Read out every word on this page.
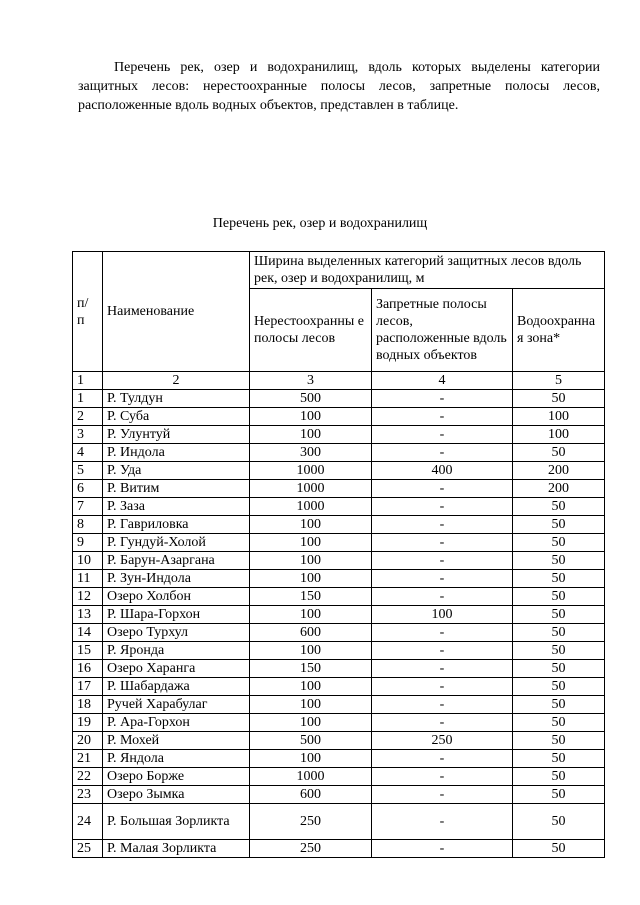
Перечень рек, озер и водохранилищ, вдоль которых выделены категории защитных лесов: нерестоохранные полосы лесов, запретные полосы лесов, расположенные вдоль водных объектов, представлен в таблице.

Перечень рек, озер и водохранилищ

п/ п	Наименование	Ширина выделенных категорий защитных лесов вдоль рек, озер и водохранилищ, м		
		Нерестоохранны е полосы лесов	Запретные полосы лесов, расположенные вдоль водных объектов	Водоохранна я зона*
1	2	3	4	5
1	Р. Тулдун	500	-	50
2	Р. Суба	100	-	100
3	Р. Улунтуй	100	-	100
4	Р. Индола	300	-	50
5	Р. Уда	1000	400	200
6	Р. Витим	1000	-	200
7	Р. Заза	1000	-	50
8	Р. Гавриловка	100	-	50
9	Р. Гундуй-Холой	100	-	50
10	Р. Барун-Азаргана	100	-	50
11	Р. Зун-Индола	100	-	50
12	Озеро Холбон	150	-	50
13	Р. Шара-Горхон	100	100	50
14	Озеро Турхул	600	-	50
15	Р. Яронда	100	-	50
16	Озеро Харанга	150	-	50
17	Р. Шабардажа	100	-	50
18	Ручей Харабулаг	100	-	50
19	Р. Ара-Горхон	100	-	50
20	Р. Мохей	500	250	50
21	Р. Яндола	100	-	50
22	Озеро Борже	1000	-	50
23	Озеро Зымка	600	-	50
24	Р. Большая Зорликта	250	-	50
25	Р. Малая Зорликта	250	-	50
